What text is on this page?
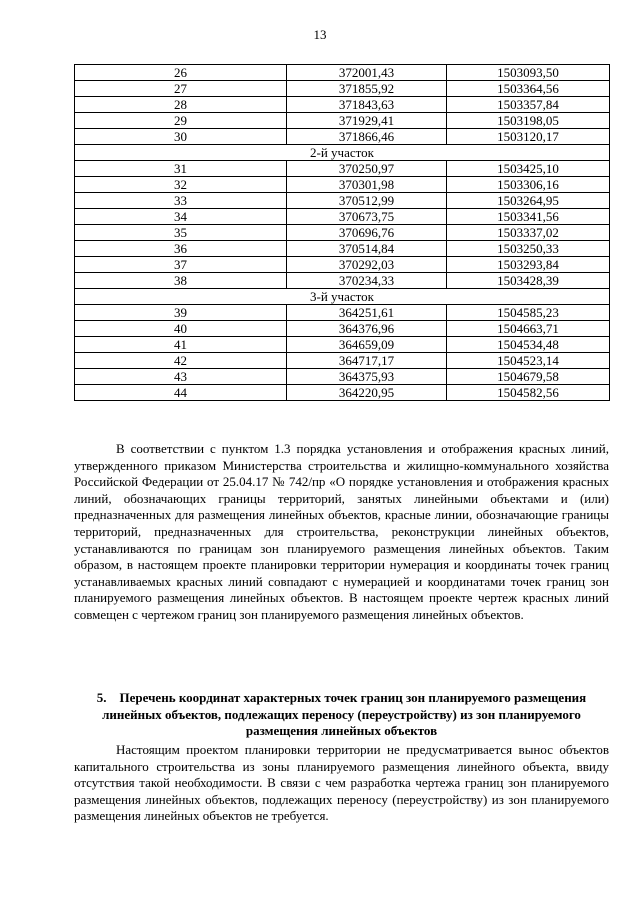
13
26	372001,43	1503093,50
27	371855,92	1503364,56
28	371843,63	1503357,84
29	371929,41	1503198,05
30	371866,46	1503120,17
2-й участок		
31	370250,97	1503425,10
32	370301,98	1503306,16
33	370512,99	1503264,95
34	370673,75	1503341,56
35	370696,76	1503337,02
36	370514,84	1503250,33
37	370292,03	1503293,84
38	370234,33	1503428,39
3-й участок		
39	364251,61	1504585,23
40	364376,96	1504663,71
41	364659,09	1504534,48
42	364717,17	1504523,14
43	364375,93	1504679,58
44	364220,95	1504582,56
В соответствии с пунктом 1.3 порядка установления и отображения красных линий, утвержденного приказом Министерства строительства и жилищно-коммунального хозяйства Российской Федерации от 25.04.17 № 742/пр «О порядке установления и отображения красных линий, обозначающих границы территорий, занятых линейными объектами и (или) предназначенных для размещения линейных объектов, красные линии, обозначающие границы территорий, предназначенных для строительства, реконструкции линейных объектов, устанавливаются по границам зон планируемого размещения линейных объектов. Таким образом, в настоящем проекте планировки территории нумерация и координаты точек границ устанавливаемых красных линий совпадают с нумерацией и координатами точек границ зон планируемого размещения линейных объектов. В настоящем проекте чертеж красных линий совмещен с чертежом границ зон планируемого размещения линейных объектов.
5. Перечень координат характерных точек границ зон планируемого размещения линейных объектов, подлежащих переносу (переустройству) из зон планируемого размещения линейных объектов
Настоящим проектом планировки территории не предусматривается вынос объектов капитального строительства из зоны планируемого размещения линейного объекта, ввиду отсутствия такой необходимости. В связи с чем разработка чертежа границ зон планируемого размещения линейных объектов, подлежащих переносу (переустройству) из зон планируемого размещения линейных объектов не требуется.
